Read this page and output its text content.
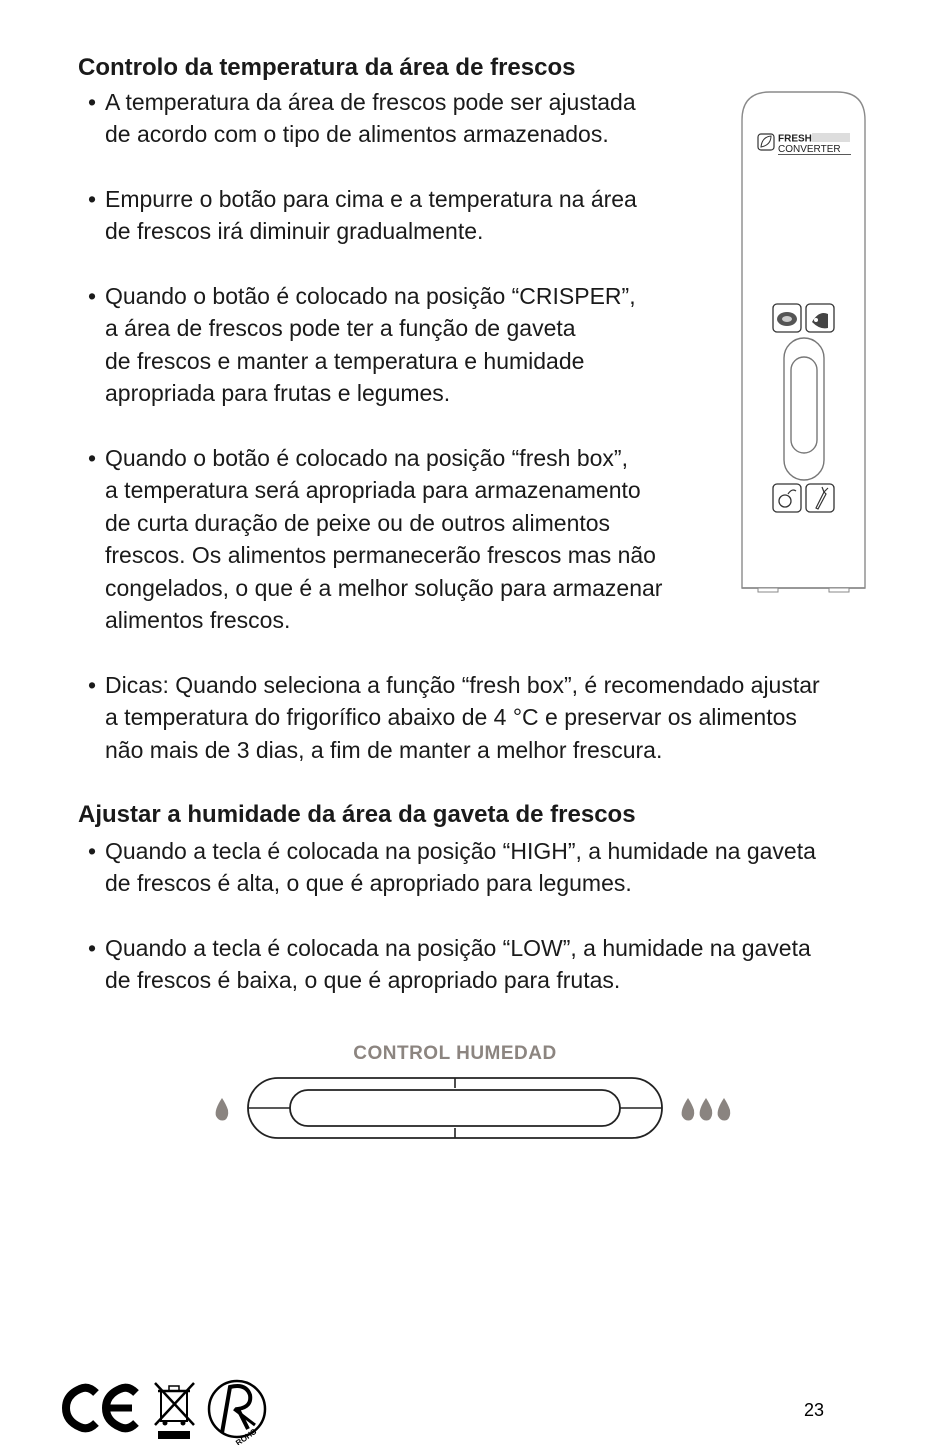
Controlo da temperatura da área de frescos
• A temperatura da área de frescos pode ser ajustada
de acordo com o tipo de alimentos armazenados.
• Empurre o botão para cima e a temperatura na área
de frescos irá diminuir gradualmente.
• Quando o botão é colocado na posição “CRISPER”,
a área de frescos pode ter a função de gaveta
de frescos e manter a temperatura e humidade
apropriada para frutas e legumes.
• Quando o botão é colocado na posição “fresh box”,
a temperatura será apropriada para armazenamento
de curta duração de peixe ou de outros alimentos
frescos. Os alimentos permanecerão frescos mas não
congelados, o que é a melhor solução para armazenar
alimentos frescos.
• Dicas: Quando seleciona a função “fresh box”, é recomendado ajustar
a temperatura do frigorífico abaixo de 4 °C e preservar os alimentos
não mais de 3 dias, a fim de manter a melhor frescura.
Ajustar a humidade da área da gaveta de frescos
• Quando a tecla é colocada na posição “HIGH”, a humidade na gaveta
de frescos é alta, o que é apropriado para legumes.
• Quando a tecla é colocada na posição “LOW”, a humidade na gaveta
de frescos é baixa, o que é apropriado para frutas.
FRESH
CONVERTER
CONTROL HUMEDAD
ROHS
23
